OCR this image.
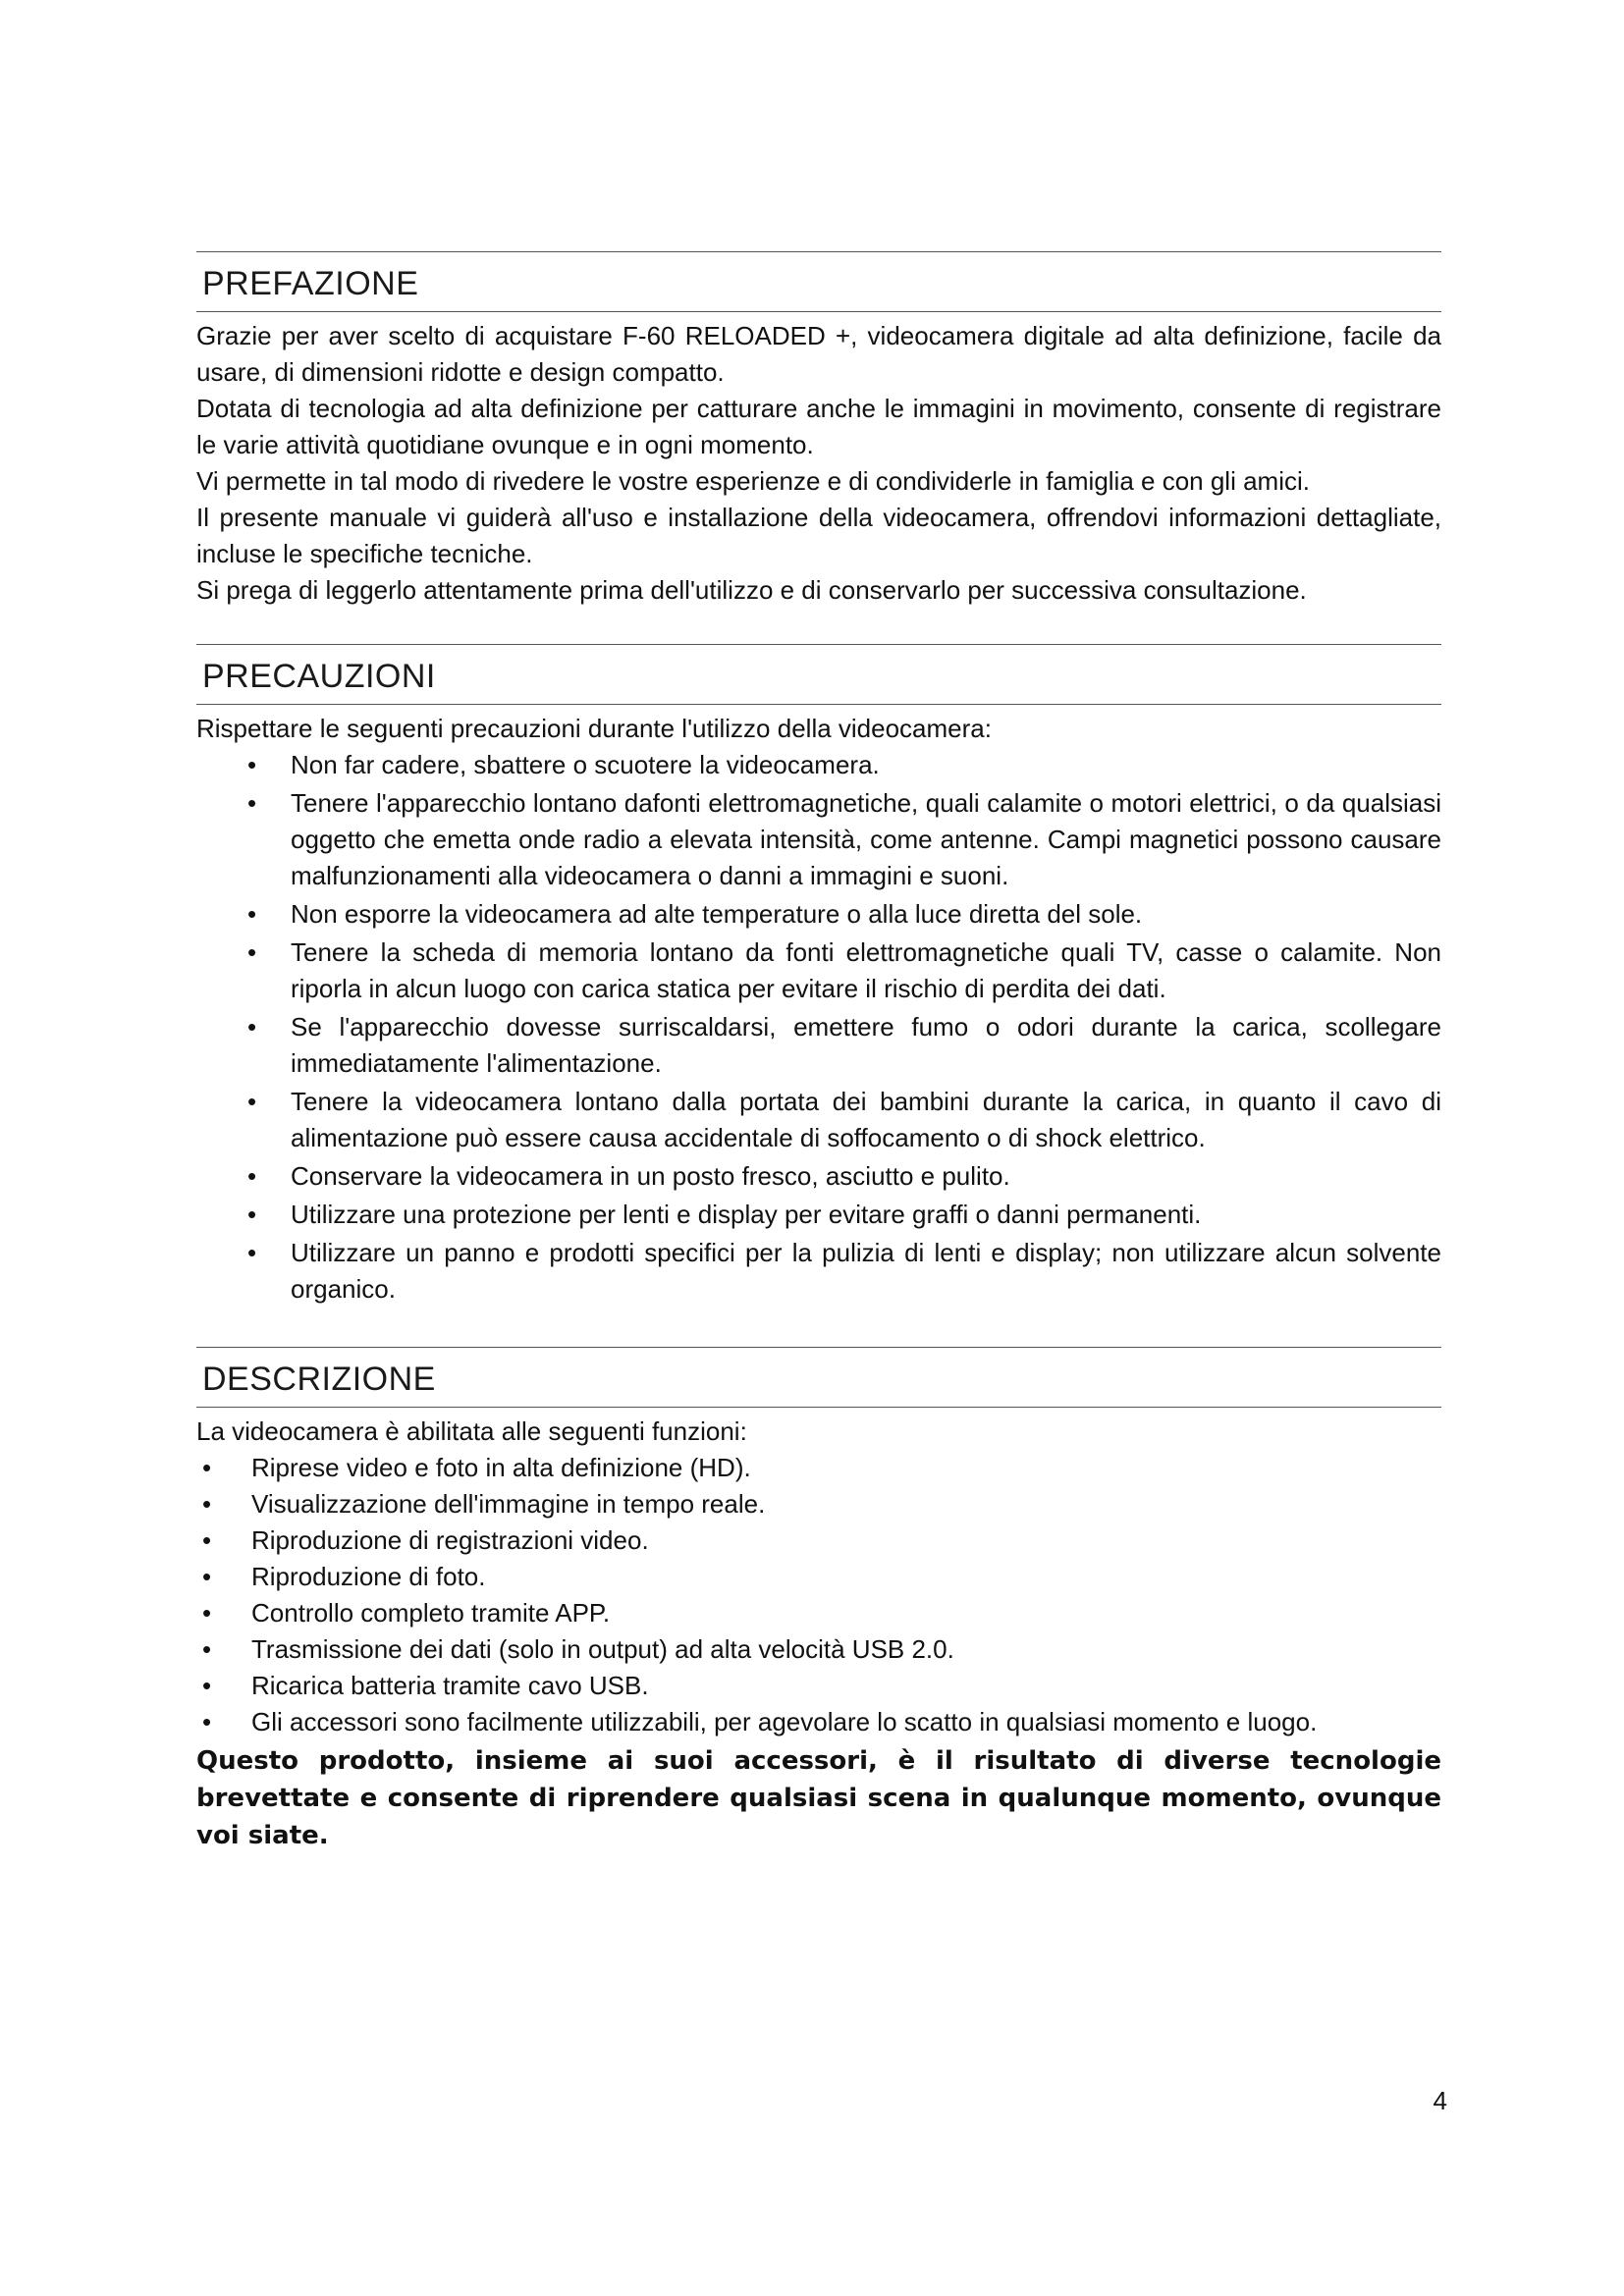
PREFAZIONE

Grazie per aver scelto di acquistare F-60 RELOADED +, videocamera digitale ad alta definizione, facile da usare, di dimensioni ridotte e design compatto.

Dotata di tecnologia ad alta definizione per catturare anche le immagini in movimento, consente di registrare le varie attività quotidiane ovunque e in ogni momento.

Vi permette in tal modo di rivedere le vostre esperienze e di condividerle in famiglia e con gli amici.

Il presente manuale vi guiderà all'uso e installazione della videocamera, offrendovi informazioni dettagliate, incluse le specifiche tecniche.

Si prega di leggerlo attentamente prima dell'utilizzo e di conservarlo per successiva consultazione.

PRECAUZIONI

Rispettare le seguenti precauzioni durante l'utilizzo della videocamera:

• Non far cadere, sbattere o scuotere la videocamera.
• Tenere l'apparecchio lontano dafonti elettromagnetiche, quali calamite o motori elettrici, o da qualsiasi oggetto che emetta onde radio a elevata intensità, come antenne. Campi magnetici possono causare malfunzionamenti alla videocamera o danni a immagini e suoni.
• Non esporre la videocamera ad alte temperature o alla luce diretta del sole.
• Tenere la scheda di memoria lontano da fonti elettromagnetiche quali TV, casse o calamite. Non riporla in alcun luogo con carica statica per evitare il rischio di perdita dei dati.
• Se l'apparecchio dovesse surriscaldarsi, emettere fumo o odori durante la carica, scollegare immediatamente l'alimentazione.
• Tenere la videocamera lontano dalla portata dei bambini durante la carica, in quanto il cavo di alimentazione può essere causa accidentale di soffocamento o di shock elettrico.
• Conservare la videocamera in un posto fresco, asciutto e pulito.
• Utilizzare una protezione per lenti e display per evitare graffi o danni permanenti.
• Utilizzare un panno e prodotti specifici per la pulizia di lenti e display; non utilizzare alcun solvente organico.
DESCRIZIONE

La videocamera è abilitata alle seguenti funzioni:

• Riprese video e foto in alta definizione (HD).
• Visualizzazione dell'immagine in tempo reale.
• Riproduzione di registrazioni video.
• Riproduzione di foto.
• Controllo completo tramite APP.
• Trasmissione dei dati (solo in output) ad alta velocità USB 2.0.
• Ricarica batteria tramite cavo USB.
• Gli accessori sono facilmente utilizzabili, per agevolare lo scatto in qualsiasi momento e luogo.

Questo prodotto, insieme ai suoi accessori, è il risultato di diverse tecnologie brevettate e consente di riprendere qualsiasi scena in qualunque momento, ovunque voi siate.

4
